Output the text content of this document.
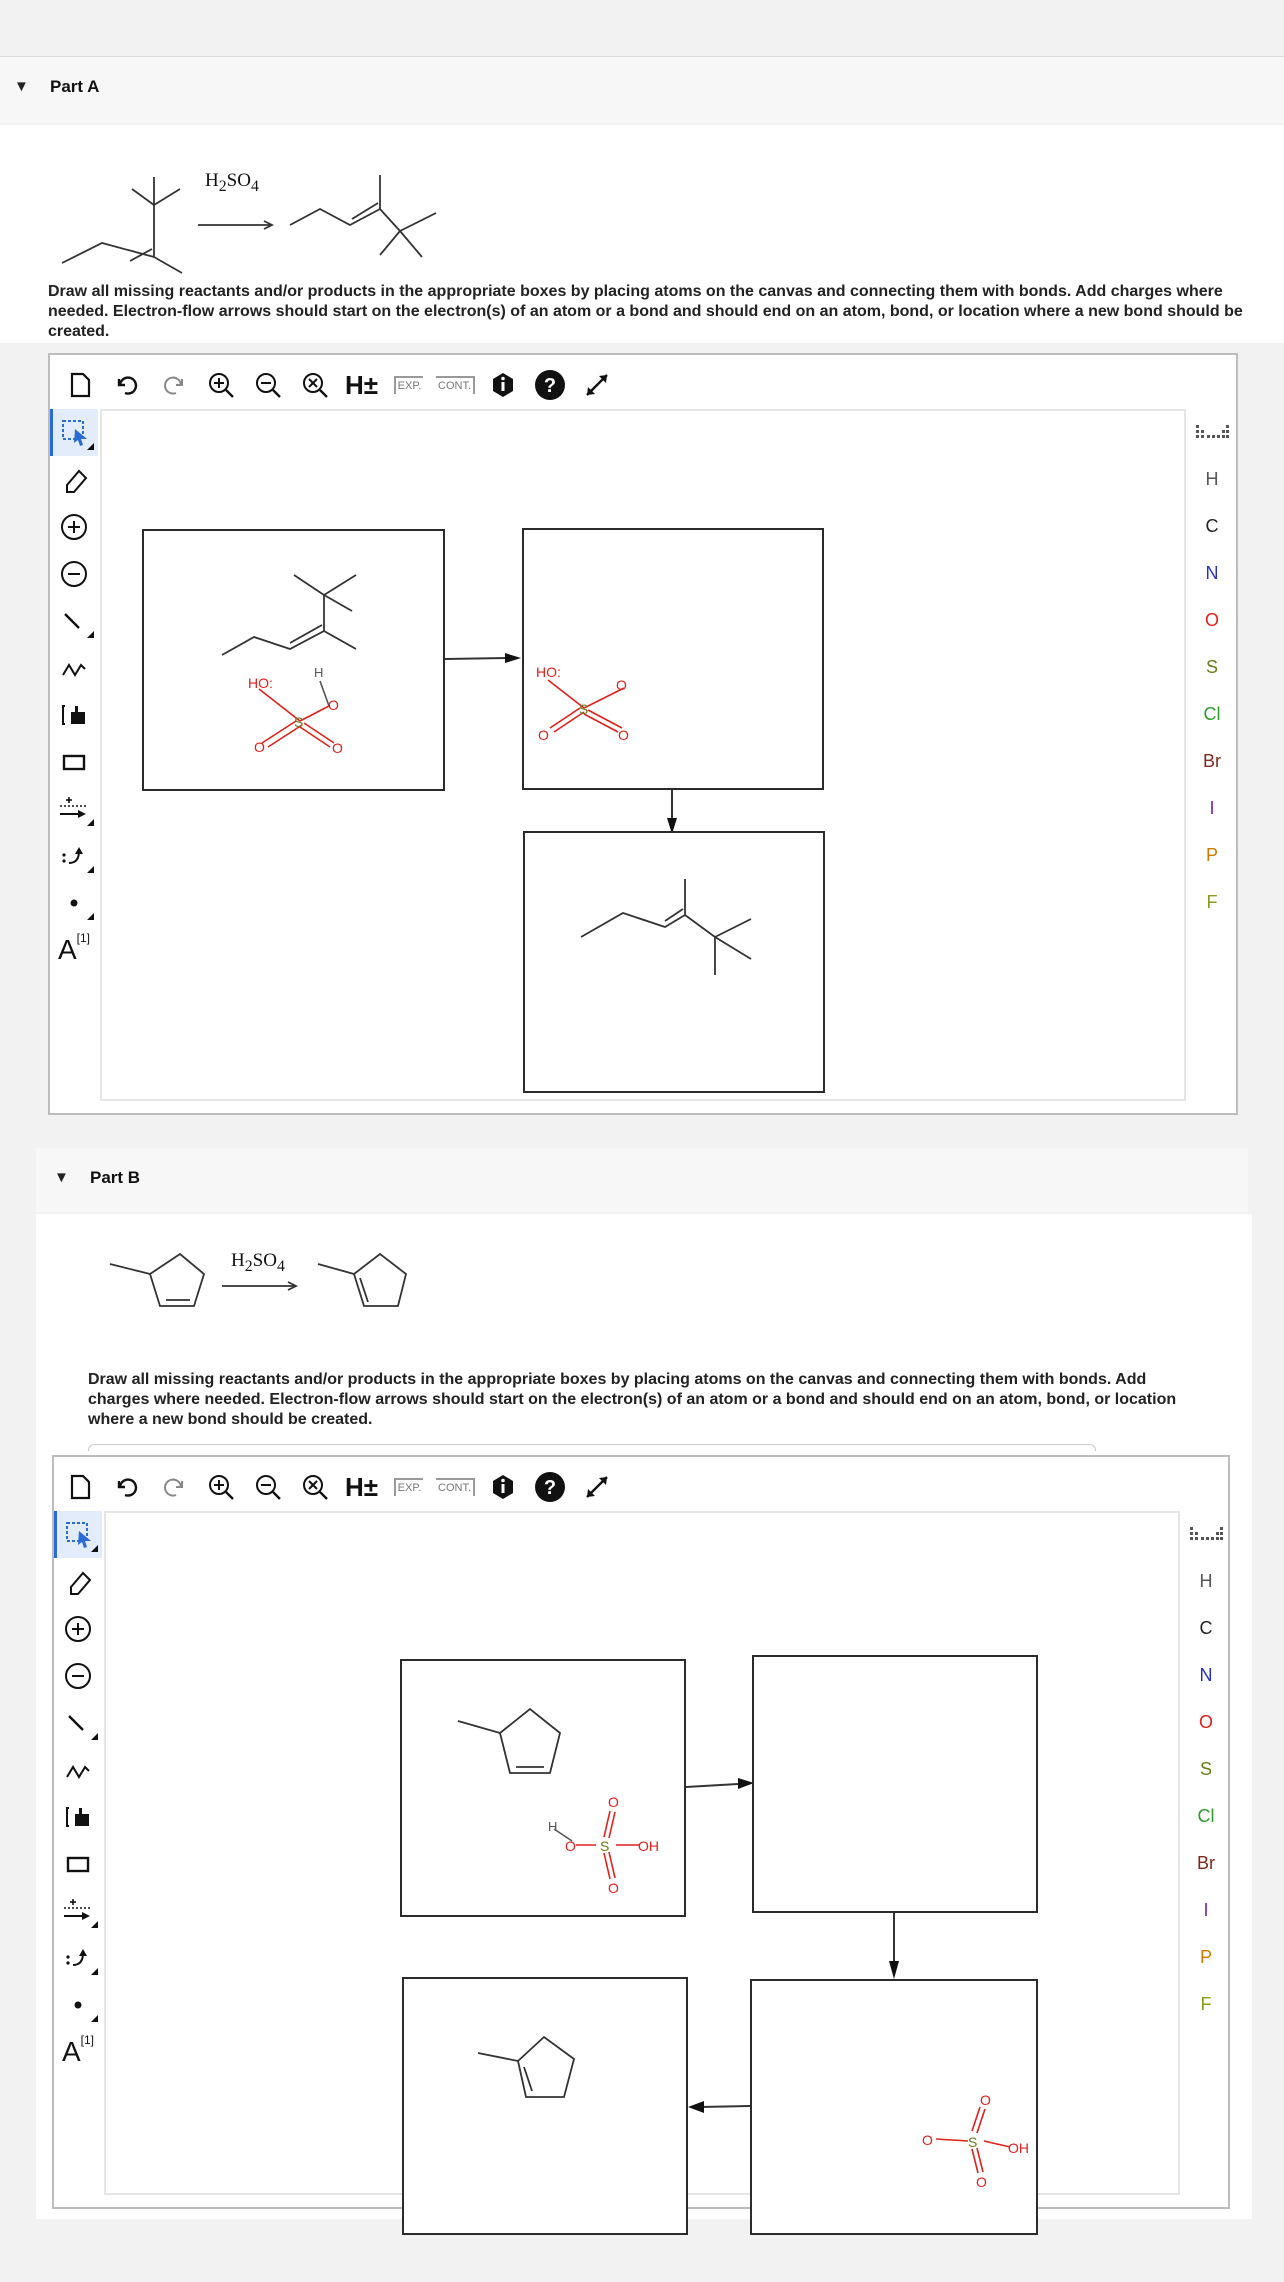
▼ Part A
$H_2SO_4$
Draw all missing reactants and/or products in the appropriate boxes by placing atoms on the canvas and connecting them with bonds. Add charges where needed. Electron-flow arrows should start on the electron(s) of an atom or a bond and should end on an atom, bond, or location where a new bond should be created.
H±	EXP. CONT.	?
A[1]
HO:
H
O
S
O	O
HO:
O
S
O	O
H
C
N
O
S
Cl
Br
I
P
F
▼ Part B
$H_2SO_4$
Draw all missing reactants and/or products in the appropriate boxes by placing atoms on the canvas and connecting them with bonds. Add
charges where needed. Electron-flow arrows should start on the electron(s) of an atom or a bond and should end on an atom, bond, or location
where a new bond should be created.
H±	EXP. CONT.	?
A[1]
H
O S OH
O
O
O	S OH
O
O
H
C
N
O
S
Cl
Br
I
P
F
